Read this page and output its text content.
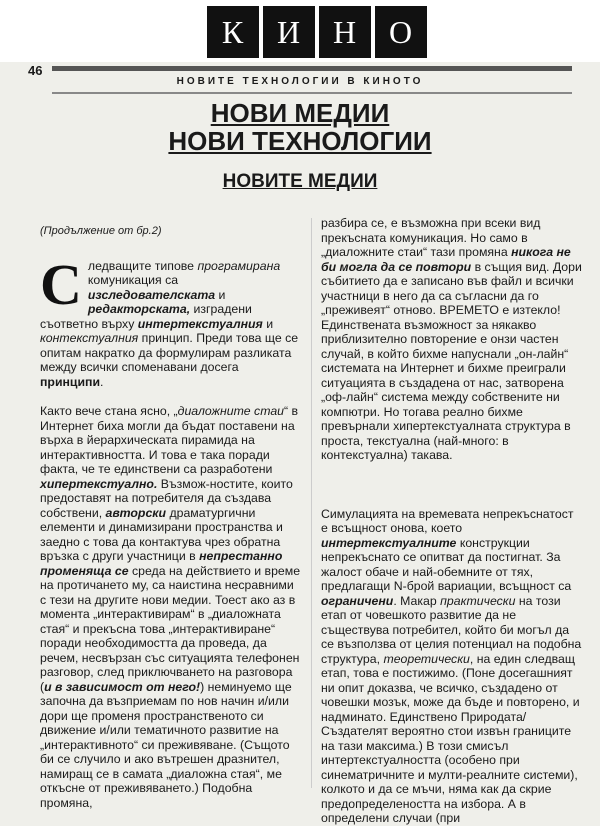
К	И Н О
46
НОВИТЕ ТЕХНОЛОГИИ В КИНОТО
НОВИ МЕДИИ
НОВИ ТЕХНОЛОГИИ
НОВИТЕ МЕДИИ

(Продължение от бр.2)

С ледващите типове програмирана комуникация са изследователската и редакторската, изградени съответно върху интертекстуалния и контекстуалния принцип. Преди това ще се опитам накратко да формулирам разликата между всички споменавани досега принципи.

Както вече стана ясно, „диаложните стаи“ в Интернет биха могли да бъдат поставени на върха в йерархическата пирамида на интерактивността. И това е така поради факта, че те единствени са разработени хипертекстуално. Възмож-ностите, които предоставят на потребителя да създава собствени, авторски драматургични елементи и динамизирани пространства и заедно с това да контактува чрез обратна връзка с други участници в непрестанно променяща се среда на действието и време на протичането му, са наистина несравними с тези на другите нови медии. Тоест ако аз в момента „интерактивирам“ в „диаложната стая“ и прекъсна това „интерактивиране“ поради необходимостта да проведа, да речем, несвързан със ситуацията телефонен разговор, след приключването на разговора (и в зависимост от него!) неминуемо ще започна да възприемам по нов начин и/или дори ще променя пространственото си движение и/или тематичното развитие на „интерактивното“ си преживяване. (Същото би се случило и ако вътрешен дразнител, намиращ се в самата „диаложна стая“, ме откъсне от преживяването.) Подобна промяна,

разбира се, е възможна при всеки вид прекъсната комуникация. Но само в „диаложните стаи“ тази промяна никога не би могла да се повтори в същия вид. Дори събитието да е записано във файл и всички участници в него да са съгласни да го „преживеят“ отново. ВРЕМЕТО е изтекло! Единствената възможност за някакво приблизително повторение е онзи частен случай, в който бихме напуснали „он-лайн“ системата на Интернет и бихме преиграли ситуацията в създадена от нас, затворена „оф-лайн“ система между собствените ни компютри. Но тогава реално бихме превърнали хипертекстуалната структура в проста, текстуална (най-много: в контекстуална) такава.

Симулацията на времевата непрекъснатост е всъщност онова, което интертекстуалните конструкции непрекъснато се опитват да постигнат. За жалост обаче и най-обемните от тях, предлагащи N-брой вариации, всъщност са ограничени. Макар практически на този етап от човешкото развитие да не съществува потребител, който би могъл да се възползва от целия потенциал на подобна структура, теоретически, на един следващ етап, това е постижимо. (Поне досегашният ни опит доказва, че всичко, създадено от човешки мозък, може да бъде и повторено, и надминато. Единствено Природата/Създателят вероятно стои извън границите на тази максима.) В този смисъл интертекстуалността (особено при синематричните и мулти-реалните системи), колкото и да се мъчи, няма как да скрие предопределеността на избора. А в определени случаи (при
